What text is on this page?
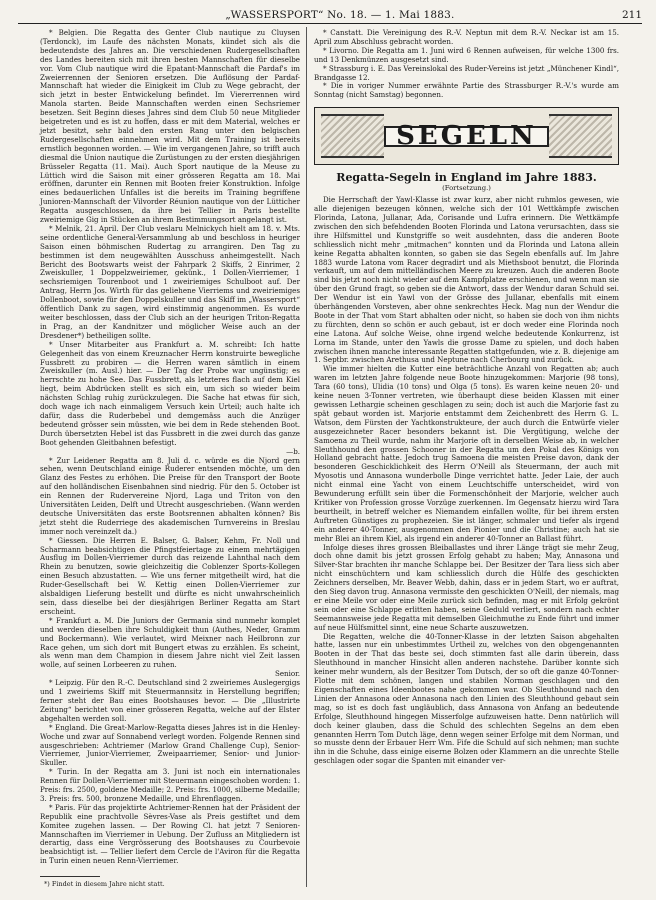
„WASSERSPORT“ No. 18. — 1. Mai 1883.	211

* Belgien. Die Regatta des Genter Club nautique zu Cluysen (Terdonck), im Laufe des nächsten Monats, kündet sich als die bedeutendste des Jahres an. Die verschiedenen Rudergesellschaften des Landes bereiten sich mit ihren besten Mannschaften für dieselbe vor. Vom Club nautique wird die Epatant-Mannschaft die Pardaf's im Zweierrennen der Senioren ersetzen. Die Auflösung der Pardaf-Mannschaft hat wieder die Einigkeit im Club zu Wege gebracht, der sich jetzt in bester Entwickelung befindet. Im Viererrennen wird Manola starten. Beide Mannschaften werden einen Sechsriemer besetzen. Seit Beginn dieses Jahres sind dem Club 50 neue Mitglieder beigetreten und es ist zu hoffen, dass er mit dem Material, welches er jetzt besitzt, sehr bald den ersten Rang unter den belgischen Rudergesellschaften einnehmen wird. Mit dem Training ist bereits ernstlich begonnen worden. — Wie im vergangenen Jahre, so trifft auch diesmal die Union nautique die Zurüstungen zu der ersten diesjährigen Brüsseler Regatta (11. Mai). Auch Sport nautique de la Meuse zu Lüttich wird die Saison mit einer grösseren Regatta am 18. Mai eröffnen, darunter ein Rennen mit Booten freier Konstruktion. Infolge eines bedauerlichen Unfalles ist die bereits im Training begriffene Junioren-Mannschaft der Vilvorder Réunion nautique von der Lütticher Regatta ausgeschlossen, da ihre bei Tellier in Paris bestellte zweiriemige Gig in Stücken an ihrem Bestimmungsort angelangt ist.

* Melnik, 21. April. Der Club veslaru Melnickych hielt am 18. v. Mts. seine ordentliche General-Versammlung ab und beschloss in heuriger Saison einen böhmischen Rudertag zu arrangiren. Den Tag zu bestimmen ist dem neugewählten Ausschuss anheimgestellt. Nach Bericht des Bootswarts weist der Fahrpark 2 Skiffs, 2 Einrimer, 2 Zweiskuller, 1 Doppelzweiriemer, gekünk., 1 Dollen-Vierriemer, 1 sechsriemigen Tourenboot und 1 zweiriemiges Schulboot auf. Der Antrag, Herrn Jos. Wirth für das geliehene Vierriems und zweiriemiges Dollenboot, sowie für den Doppelskuller und das Skiff im „Wassersport“ öffentlich Dank zu sagen, wird einstimmig angenommen. Es wurde weiter beschlossen, dass der Club sich an der heurigen Triton-Regatta in Prag, an der Kandnitzer und möglicher Weise auch an der Dresdener*) betheiligen sollte.

* Unser Mitarbeiter aus Frankfurt a. M. schreibt: Ich hatte Gelegenheit das von einem Kreuznacher Herrn konstruirte bewegliche Fussbrett zu probiren — die Herren waren sämtlich in einem Zweiskuller (m. Ausl.) hier. — Der Tag der Probe war ungünstig; es herrschte zu hohe See. Das Fussbrett, als letzteres flach auf dem Kiel liegt, beim Abdrücken stellt es sich ein, um sich so wieder beim nächsten Schlag ruhig zurückzulegen. Die Sache hat etwas für sich, doch wage ich nach einmaligem Versuch kein Urteil; auch halte ich dafür, dass die Ruderbebel und demgemäss auch die Anzüger bedeutend grösser sein müssten, wie bei dem in Rede stehenden Boot. Durch übersetzten Hebel ist das Fussbrett in die zwei durch das ganze Boot gehenden Gleitbahnen befestigt.

—b.

* Zur Leidener Regatta am 8. Juli d. c. würde es die Njord gern sehen, wenn Deutschland einige Ruderer entsenden möchte, um den Glanz des Festes zu erhöhen. Die Preise für den Transport der Boote auf den holländischen Eisenbahnen sind niedrig. Für den 5. October ist ein Rennen der Rudervereine Njord, Laga und Triton von den Universitäten Leiden, Delft und Utrecht ausgeschrieben. (Wann werden deutsche Universitäten das erste Bootsrennen abhalten können? Bis jetzt steht die Ruderriege des akademischen Turnvereins in Breslau immer noch vereinzelt da.)

* Giessen. Die Herren E. Balser, G. Balser, Kehm, Fr. Noll und Scharmann beabsichtigen die Pfingstfeiertage zu einem mehrtägigen Ausflug im Dollen-Vierriemer durch das reizende Lahnthal nach dem Rhein zu benutzen, sowie gleichzeitig die Coblenzer Sports-Kollegen einen Besuch abzustatten. — Wie uns ferner mitgetheilt wird, hat die Ruder-Gesellschaft bei W. Kettig einen Dollen-Vierriemer zur alsbaldigen Lieferung bestellt und dürfte es nicht unwahrscheinlich sein, dass dieselbe bei der diesjährigen Berliner Regatta am Start erscheint.

* Frankfurt a. M. Die Juniors der Germania sind nunmehr komplet und werden dieselben ihre Schuldigkeit thun (Authes, Neder, Gramm und Bockermann). Wie verlautet, wird Meixner nach Heilbronn zur Race gehen, um sich dort mit Bungert etwas zu erzählen. Es scheint, als wenn man dem Champion in diesem Jahre nicht viel Zeit lassen wolle, auf seinen Lorbeeren zu ruhen.

Senior.

* Leipzig. Für den R.-C. Deutschland sind 2 zweiriemes Auslegergigs und 1 zweiriems Skiff mit Steuermannsitz in Herstellung begriffen; ferner steht der Bau eines Bootshauses bevor. — Die „Illustrirte Zeitung“ berichtet von einer grösseren Regatta, welche auf der Elster abgehalten werden soll.

* England. Die Great-Marlow-Regatta dieses Jahres ist in die Henley-Woche und zwar auf Sonnabend verlegt worden. Folgende Rennen sind ausgeschrieben: Achtriemer (Marlow Grand Challenge Cup), Senior-Vierriemer, Junior-Vierriemer, Zweipaarriemer, Senior- und Junior-Skuller.

* Turin. In der Regatta am 3. Juni ist noch ein internationales Rennen für Dollen-Vierriemer mit Steuermann eingeschoben worden: 1. Preis: frs. 2500, goldene Medaille; 2. Preis: frs. 1000, silberne Medaille; 3. Preis: frs. 500, bronzene Medaille, und Ehrenflaggen.

* Paris. Für das projektirte Achtriemer-Rennen hat der Präsident der Republik eine prachtvolle Sèvres-Vase als Preis gestiftet und dem Komitee zugehen lassen. — Der Rowing Cl. hat jetzt 7 Senioren-Mannschaften im Vierriemer in Uebung. Der Zufluss an Mitgliedern ist derartig, dass eine Vergrösserung des Bootshauses zu Courbevoie beabsichtigt ist. — Tellier liefert dem Cercle de l'Aviron für die Regatta in Turin einen neuen Renn-Vierriemer.

*) Findet in diesem Jahre nicht statt.

* Canstatt. Die Vereinigung des R.-V. Neptun mit dem R.-V. Neckar ist am 15. April zum Abschluss gebracht worden.

* Livorno. Die Regatta am 1. Juni wird 6 Rennen aufweisen, für welche 1300 frs. und 13 Denkmünzen ausgesetzt sind.

* Strassburg i. E. Das Vereinslokal des Ruder-Vereins ist jetzt „Münchener Kindl“, Brandgasse 12.

* Die in voriger Nummer erwähnte Partie des Strassburger R.-V.'s wurde am Sonntag (nicht Samstag) begonnen.

SEGELN

Regatta-Segeln in England im Jahre 1883.

(Fortsetzung.)

Die Herrschaft der Yawl-Klasse ist zwar kurz, aber nicht ruhmlos gewesen, wie alle diejenigen bezeugen können, welche sich der 101 Wettkämpfe zwischen Florinda, Latona, Jullanar, Ada, Corisande und Lufra erinnern. Die Wettkämpfe zwischen den sich befehdenden Booten Florinda und Latona verursachten, dass sie ihre Hilfsmittel und Kunstgriffe so weit ausdehnten, dass die anderen Boote schliesslich nicht mehr „mitmachen“ konnten und da Florinda und Latona allein keine Regatta abhalten konnten, so gaben sie das Segeln ebenfalls auf. Im Jahre 1883 wurde Latona vom Racer degradirt und als Miethsboot benutzt, die Florinda verkauft, um auf dem mittelländischen Meere zu kreuzen. Auch die anderen Boote sind bis jetzt noch nicht wieder auf dem Kampfplatze erschienen, und wenn man sie über den Grund fragt, so geben sie die Antwort, dass der Wendur daran Schuld sei. Der Wendur ist ein Yawl von der Grösse des Jullanar, ebenfalls mit einem überhängenden Vorsteven, aber ohne senkrechtes Heck. Mag nun der Wendur die Boote in der That vom Start abhalten oder nicht, so haben sie doch von ihm nichts zu fürchten, denn so schön er auch gebaut, ist er doch weder eine Florinda noch eine Latona. Auf solche Weise, ohne irgend welche bedeutende Konkurrenz, ist Lorna im Stande, unter den Yawls die grosse Dame zu spielen, und doch haben zwischen ihnen manche interessante Regatten stattgefunden, wie z. B. diejenige am 1. Septbr. zwischen Arethusa und Neptune nach Cherbourg und zurück.

Wie immer hielten die Kutter eine beträchtliche Anzahl von Regatten ab; auch waren im letzten Jahre folgende neue Boote hinzugekommen: Marjorie (98 tons), Tara (60 tons), Ulidia (10 tons) und Olga (5 tons). Es waren keine neuen 20- und keine neuen 3-Tonner vertreten, wie überhaupt diese beiden Klassen mit einer gewissen Lethargie scheinen geschlagen zu sein; doch ist auch die Marjorie fast zu spät gebaut worden ist. Marjorie entstammt dem Zeichenbrett des Herrn G. L. Watson, dem Fürsten der Yachtkonstrukteure, der auch durch die Entwürfe vieler ausgezeichneter Racer besonders bekannt ist. Die Vergütigung, welche der Samoena zu Theil wurde, nahm ihr Marjorie oft in derselben Weise ab, in welcher Sleuthhound den grossen Schooner in der Regatta um den Pokal des Königs von Holland gebracht hatte. Jedoch trug Samoena die meisten Preise davon, dank der besonderen Geschicklichkeit des Herrn O'Neill als Steuermann, der auch mit Myosotis und Annasona wunderbolle Dinge verrichtet hatte. Jeder Laie, der auch nicht einmal eine Yacht von einem Leuchtschiffe unterscheidet, wird von Bewunderung erfüllt sein über die Formenschönheit der Marjorie, welcher auch Kritiker von Profession grosse Vorzüge zuerkennen. Im Gegensatz hierzu wird Tara beurtheilt, in betreff welcher es Niemandem einfallen wollte, für bei ihrem ersten Auftreten Günstiges zu prophezeien. Sie ist länger, schmaler und tiefer als irgend ein anderer 40-Tonner, ausgenommen den Pionier und die Christine; auch hat sie mehr Blei an ihrem Kiel, als irgend ein anderer 40-Tonner an Ballast führt.

Infolge dieses ihres grossen Bleiballastes und ihrer Länge trägt sie mehr Zeug, doch ohne damit bis jetzt grossen Erfolg gehabt zu haben; May, Annasona und Silver-Star brachten ihr manche Schlappe bei. Der Besitzer der Tara liess sich aber nicht einschüchtern und kam schliesslich durch die Hülfe des geschickten Zeichners derselben, Mr. Beaver Webb, dahin, dass er in jedem Start, wo er auftrat, den Sieg davon trug. Annasona vermisste den geschickten O'Neill, der niemals, mag er eine Meile vor oder eine Meile zurück sich befinden, mag er mit Erfolg gekrönt sein oder eine Schlappe erlitten haben, seine Geduld verliert, sondern nach echter Seemannsweise jede Regatta mit demselben Gleichmuthe zu Ende führt und immer auf neue Hülfsmittel sinnt, eine neue Scharte auszuwetzen.

Die Regatten, welche die 40-Tonner-Klasse in der letzten Saison abgehalten hatte, lassen nur ein unbestimmtes Urtheil zu, welches von den obgengenannten Booten in der That das beste sei, doch stimmten fast alle darin überein, dass Sleuthhound in mancher Hinsicht allen anderen nachstehe. Darüber konnte sich keiner mehr wundern, als der Besitzer Tom Dutsch, der so oft die ganze 40-Tonner-Flotte mit dem schönen, langen und stabilen Norman geschlagen und den Eigenschaften eines Ideenbootes nahe gekommen war. Ob Sleuthhound nach den Linien der Annasona oder Annasona nach den Linien des Sleuthhound gebaut sein mag, so ist es doch fast ungläublich, dass Annasona von Anfang an bedeutende Erfolge, Sleuthhound hingegen Misserfolge aufzuweisen hatte. Denn natürlich will doch keiner glauben, dass die Schuld des schlechten Segelns an dem eben genannten Herrn Tom Dutch läge, denn wegen seiner Erfolge mit dem Norman, und so musste denn der Erbauer Herr Wm. Fife die Schuld auf sich nehmen; man suchte ihn in die Schuhe, dass einige eiserne Bolzen oder Klammern an die unrechte Stelle geschlagen oder sogar die Spanten mit einander ver-
